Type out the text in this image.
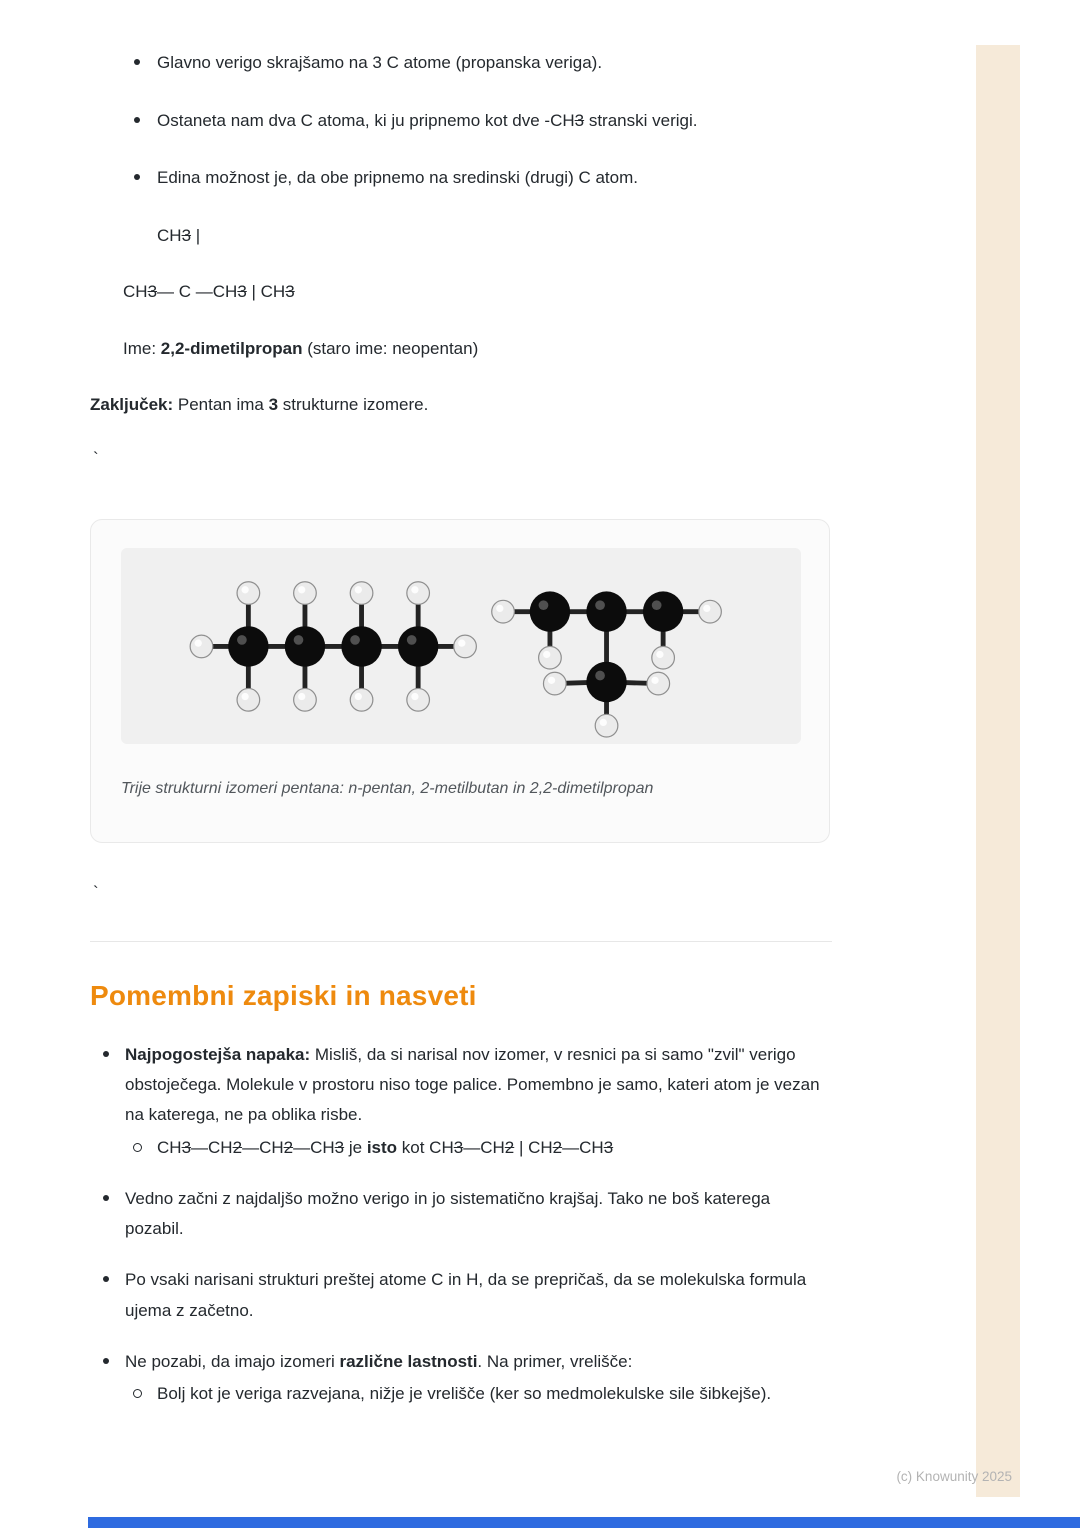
Glavno verigo skrajšamo na 3 C atome (propanska veriga).
Ostaneta nam dva C atoma, ki ju pripnemo kot dve -CH3 stranski verigi.
Edina možnost je, da obe pripnemo na sredinski (drugi) C atom.

CH3 |

CH3— C —CH3 | CH3

Ime: 2,2-dimetilpropan (staro ime: neopentan)

Zaključek: Pentan ima 3 strukturne izomere.

`

Trije strukturni izomeri pentana: n-pentan, 2-metilbutan in 2,2-dimetilpropan

`

Pomembni zapiski in nasveti
Najpogostejša napaka: Misliš, da si narisal nov izomer, v resnici pa si samo "zvil" verigo obstoječega. Molekule v prostoru niso toge palice. Pomembno je samo, kateri atom je vezan na katerega, ne pa oblika risbe.
CH3—CH2—CH2—CH3 je isto kot CH3—CH2 | CH2—CH3
Vedno začni z najdaljšo možno verigo in jo sistematično krajšaj. Tako ne boš katerega pozabil.
Po vsaki narisani strukturi preštej atome C in H, da se prepričaš, da se molekulska formula ujema z začetno.
Ne pozabi, da imajo izomeri različne lastnosti. Na primer, vrelišče:
Bolj kot je veriga razvejana, nižje je vrelišče (ker so medmolekulske sile šibkejše).
(c) Knowunity 2025
